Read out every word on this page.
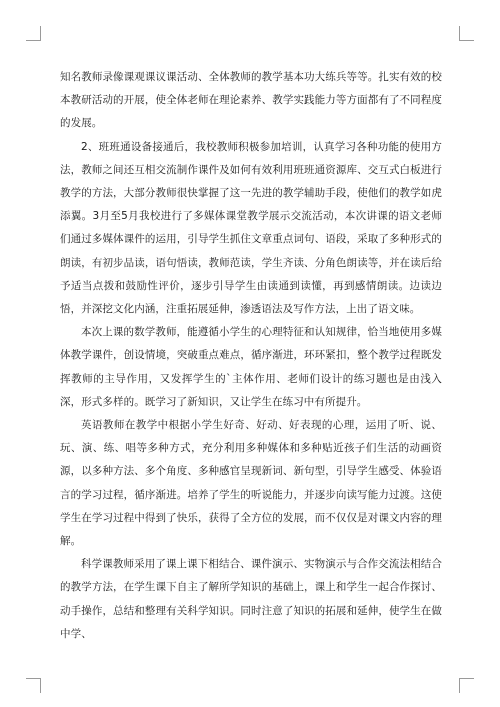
知名教师录像课观课议课活动、全体教师的教学基本功大练兵等等。扎实有效的校本教研活动的开展，使全体老师在理论素养、教学实践能力等方面都有了不同程度的发展。

2、班班通设备接通后，我校教师积极参加培训，认真学习各种功能的使用方法，教师之间还互相交流制作课件及如何有效利用班班通资源库、交互式白板进行教学的方法，大部分教师很快掌握了这一先进的教学辅助手段，使他们的教学如虎添翼。3月至5月我校进行了多媒体课堂教学展示交流活动，本次讲课的语文老师们通过多媒体课件的运用，引导学生抓住文章重点词句、语段，采取了多种形式的朗读，有初步品读，语句悟读，教师范读，学生齐读、分角色朗读等，并在读后给予适当点拨和鼓励性评价，逐步引导学生由读通到读懂，再到感情朗读。边读边悟，并深挖文化内涵，注重拓展延伸，渗透语法及写作方法，上出了语文味。

本次上课的数学教师，能遵循小学生的心理特征和认知规律，恰当地使用多媒体教学课件，创设情境，突破重点难点，循序渐进，环环紧扣，整个教学过程既发挥教师的主导作用，又发挥学生的`主体作用、老师们设计的练习题也是由浅入深，形式多样的。既学习了新知识，又让学生在练习中有所提升。

英语教师在教学中根据小学生好奇、好动、好表现的心理，运用了听、说、玩、演、练、唱等多种方式，充分利用多种媒体和多种贴近孩子们生活的动画资源，以多种方法、多个角度、多种感官呈现新词、新句型，引导学生感受、体验语言的学习过程，循序渐进。培养了学生的听说能力，并逐步向读写能力过渡。这使学生在学习过程中得到了快乐，获得了全方位的发展，而不仅仅是对课文内容的理解。

科学课教师采用了课上课下相结合、课件演示、实物演示与合作交流法相结合的教学方法，在学生课下自主了解所学知识的基础上，课上和学生一起合作探讨、动手操作，总结和整理有关科学知识。同时注意了知识的拓展和延伸，使学生在做中学、
